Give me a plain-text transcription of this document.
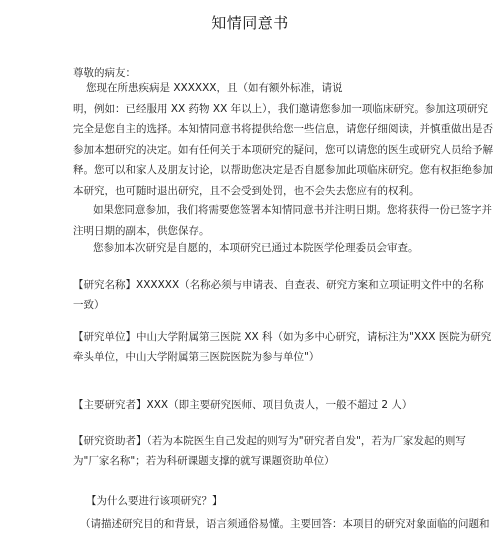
知情同意书
尊敬的病友：
您现在所患疾病是 XXXXXX，且（如有额外标准，请说
明，例如：已经服用 XX 药物 XX 年以上），我们邀请您参加一项临床研究。参加这项研究
完全是您自主的选择。本知情同意书将提供给您一些信息，请您仔细阅读，并慎重做出是否
参加本想研究的决定。如有任何关于本项研究的疑问，您可以请您的医生或研究人员给予解
释。您可以和家人及朋友讨论，以帮助您决定是否自愿参加此项临床研究。您有权拒绝参加
本研究，也可随时退出研究，且不会受到处罚，也不会失去您应有的权利。
如果您同意参加，我们将需要您签署本知情同意书并注明日期。您将获得一份已签字并
注明日期的副本，供您保存。
您参加本次研究是自愿的，本项研究已通过本院医学伦理委员会审查。
【研究名称】XXXXXX（名称必须与申请表、自查表、研究方案和立项证明文件中的名称
一致）
【研究单位】中山大学附属第三医院 XX 科（如为多中心研究，请标注为"XXX 医院为研究
牵头单位，中山大学附属第三医院医院为参与单位"）
【主要研究者】XXX（即主要研究医师、项目负责人，一般不超过 2 人）
【研究资助者】（若为本院医生自己发起的则写为"研究者自发"，若为厂家发起的则写
为"厂家名称"；若为科研课题支撑的就写课题资助单位）
【为什么要进行该项研究？】
（请描述研究目的和背景，语言须通俗易懂。主要回答：本项目的研究对象面临的问题和
